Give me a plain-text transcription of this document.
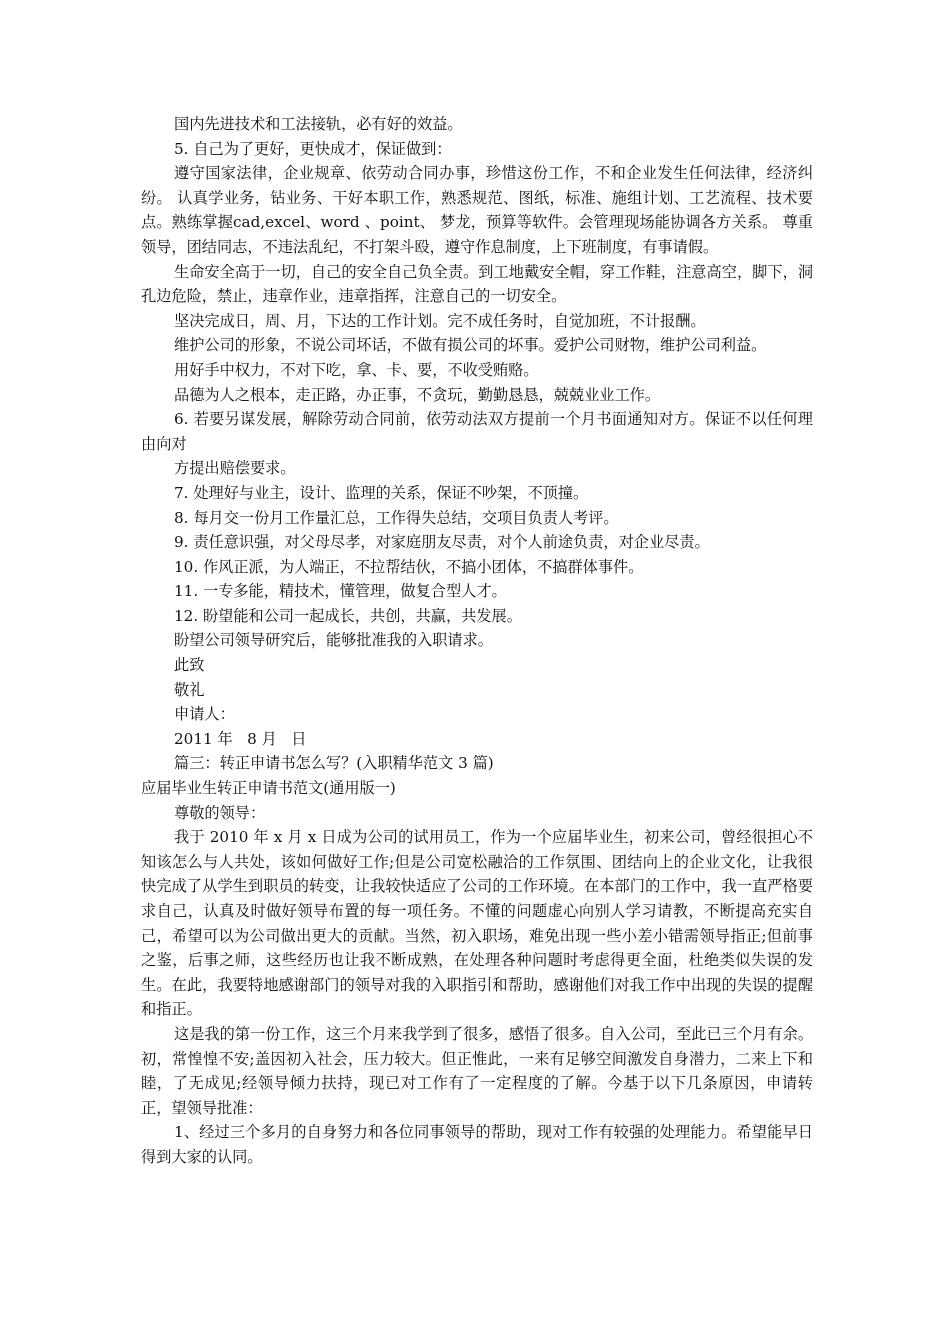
国内先进技术和工法接轨，必有好的效益。

5. 自己为了更好，更快成才，保证做到：

遵守国家法律，企业规章、依劳动合同办事，珍惜这份工作，不和企业发生任何法律，经济纠纷。 认真学业务，钻业务、干好本职工作，熟悉规范、图纸，标准、施组计划、工艺流程、技术要点。熟练掌握cad,excel、word 、point、 梦龙，预算等软件。会管理现场能协调各方关系。 尊重领导，团结同志，不违法乱纪，不打架斗殴，遵守作息制度，上下班制度，有事请假。

生命安全高于一切，自己的安全自己负全责。到工地戴安全帽，穿工作鞋，注意高空，脚下，洞孔边危险，禁止，违章作业，违章指挥，注意自己的一切安全。

坚决完成日，周、月，下达的工作计划。完不成任务时，自觉加班，不计报酬。

维护公司的形象，不说公司坏话，不做有损公司的坏事。爱护公司财物，维护公司利益。

用好手中权力，不对下吃，拿、卡、要，不收受贿赂。

品德为人之根本，走正路，办正事，不贪玩，勤勤恳恳，兢兢业业工作。

6. 若要另谋发展，解除劳动合同前，依劳动法双方提前一个月书面通知对方。保证不以任何理由向对

方提出赔偿要求。

7. 处理好与业主，设计、监理的关系，保证不吵架，不顶撞。

8. 每月交一份月工作量汇总，工作得失总结，交项目负责人考评。

9. 责任意识强，对父母尽孝，对家庭朋友尽责，对个人前途负责，对企业尽责。

10. 作风正派，为人端正，不拉帮结伙，不搞小团体，不搞群体事件。

11. 一专多能，精技术，懂管理，做复合型人才。

12. 盼望能和公司一起成长，共创，共赢，共发展。

盼望公司领导研究后，能够批准我的入职请求。

此致

敬礼

申请人：

2011 年   8 月   日

篇三：转正申请书怎么写？(入职精华范文 3 篇)

应届毕业生转正申请书范文(通用版一)

尊敬的领导：

我于 2010 年 x 月 x 日成为公司的试用员工，作为一个应届毕业生，初来公司，曾经很担心不知该怎么与人共处，该如何做好工作;但是公司宽松融洽的工作氛围、团结向上的企业文化，让我很快完成了从学生到职员的转变，让我较快适应了公司的工作环境。在本部门的工作中，我一直严格要求自己，认真及时做好领导布置的每一项任务。不懂的问题虚心向别人学习请教，不断提高充实自己，希望可以为公司做出更大的贡献。当然，初入职场，难免出现一些小差小错需领导指正;但前事之鉴，后事之师，这些经历也让我不断成熟，在处理各种问题时考虑得更全面，杜绝类似失误的发生。在此，我要特地感谢部门的领导对我的入职指引和帮助，感谢他们对我工作中出现的失误的提醒和指正。

这是我的第一份工作，这三个月来我学到了很多，感悟了很多。自入公司，至此已三个月有余。初，常惶惶不安;盖因初入社会，压力较大。但正惟此，一来有足够空间激发自身潜力，二来上下和睦，了无成见;经领导倾力扶持，现已对工作有了一定程度的了解。今基于以下几条原因，申请转正，望领导批准：

1、经过三个多月的自身努力和各位同事领导的帮助，现对工作有较强的处理能力。希望能早日得到大家的认同。
